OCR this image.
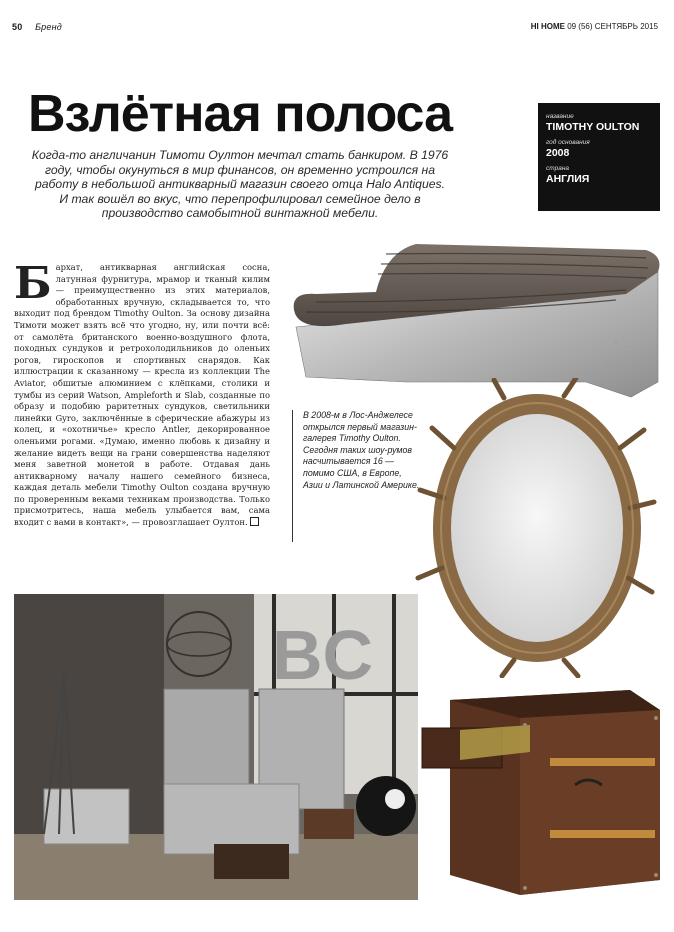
50 Бренд	HI HOME 09 (56) СЕНТЯБРЬ 2015
Взлётная полоса
Когда-то англичанин Тимоти Оултон мечтал стать банкиром. В 1976 году, чтобы окунуться в мир финансов, он временно устроился на работу в небольшой антикварный магазин своего отца Halo Antiques. И так вошёл во вкус, что перепрофилировал семейное дело в производство самобытной винтажной мебели.
название
TIMOTHY OULTON
год основания
2008
страна
АНГЛИЯ
Бархат, антикварная английская сосна, латунная фурнитура, мрамор и тканый килим — преимущественно из этих материалов, обработанных вручную, складывается то, что выходит под брендом Timothy Oulton. За основу дизайна Тимоти может взять всё что угодно, ну, или почти всё: от самолёта британского военно-воздушного флота, походных сундуков и ретрохолодильников до оленьих рогов, гироскопов и спортивных снарядов. Как иллюстрации к сказанному — кресла из коллекции The Aviator, обшитые алюминием с клёпками, столики и тумбы из серий Watson, Ampleforth и Slab, созданные по образу и подобию раритетных сундуков, светильники линейки Gyro, заключённые в сферические абажуры из колец, и «охотничье» кресло Antler, декорированное оленьими рогами. «Думаю, именно любовь к дизайну и желание видеть вещи на грани совершенства наделяют меня заветной монетой в работе. Отдавая дань антикварному началу нашего семейного бизнеса, каждая деталь мебели Timothy Oulton создана вручную по проверенным веками техникам производства. Только присмотритесь, наша мебель улыбается вам, сама входит с вами в контакт», — провозглашает Оултон.
В 2008-м в Лос-Анджелесе открылся первый магазин-галерея Timothy Oulton. Сегодня таких шоу-румов насчитывается 16 — помимо США, в Европе, Азии и Латинской Америке.
BC
